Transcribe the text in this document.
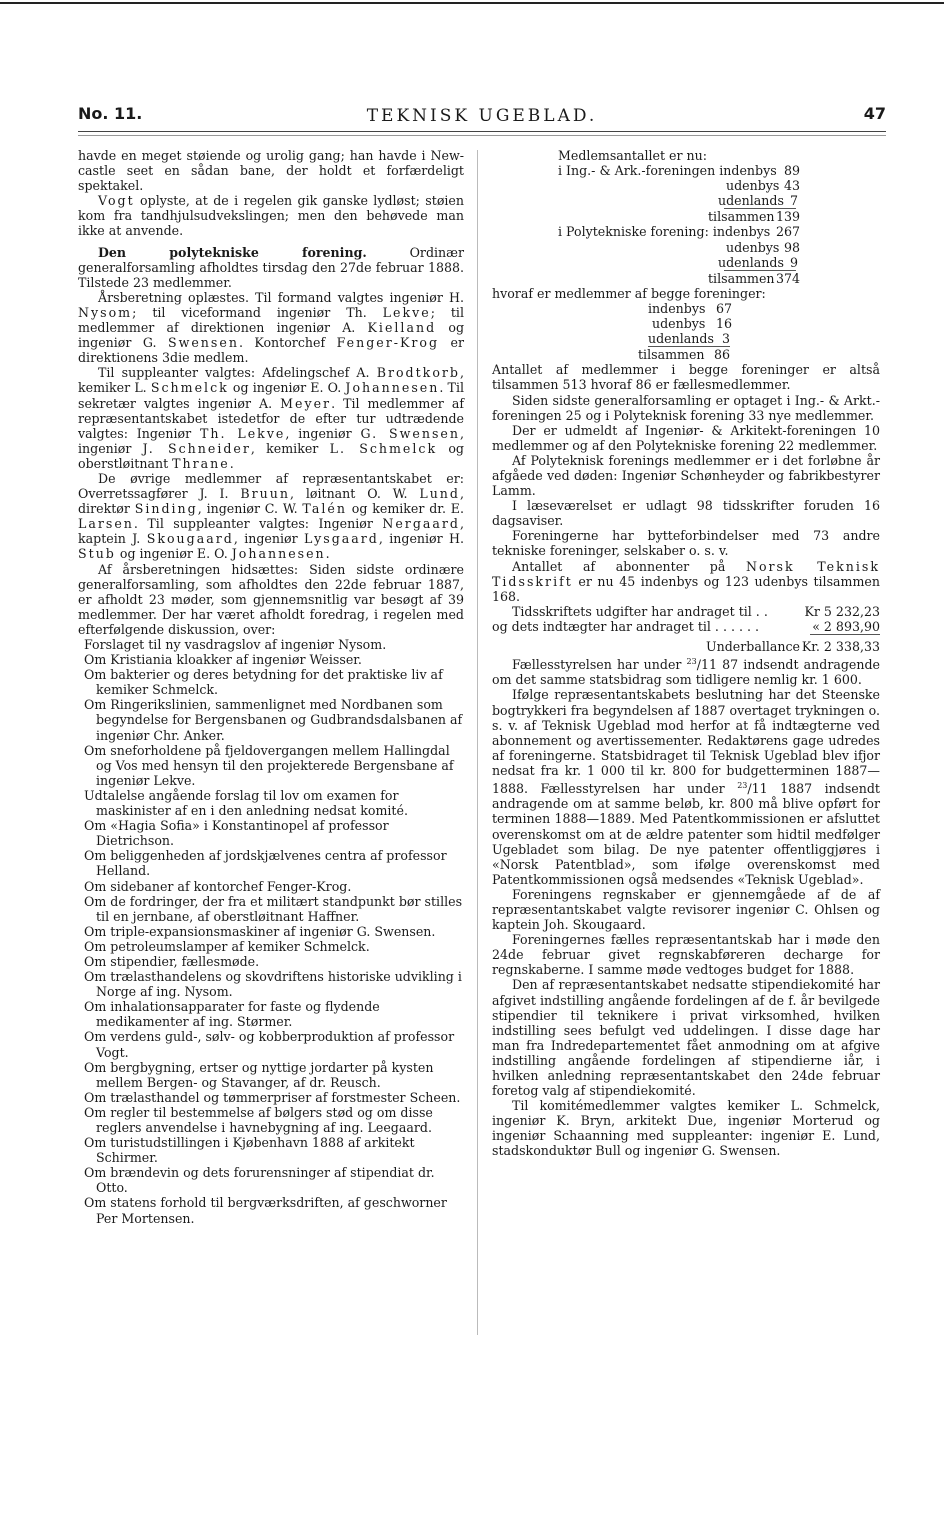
No. 11.	TEKNISK UGEBLAD.	47

havde en meget støiende og urolig gang; han havde i New-castle seet en sådan bane, der holdt et forfærdeligt spektakel.

Vogt oplyste, at de i regelen gik ganske lydløst; støien kom fra tandhjulsudvekslingen; men den behøvede man ikke at anvende.

Den polytekniske forening. Ordinær generalforsamling afholdtes tirsdag den 27de februar 1888. Tilstede 23 medlemmer.

Årsberetning oplæstes. Til formand valgtes ingeniør H. Nysom; til viceformand ingeniør Th. Lekve; til medlemmer af direktionen ingeniør A. Kielland og ingeniør G. Swensen. Kontorchef Fenger-Krog er direktionens 3die medlem.

Til suppleanter valgtes: Afdelingschef A. Brodtkorb, kemiker L. Schmelck og ingeniør E. O. Johannesen. Til sekretær valgtes ingeniør A. Meyer. Til medlemmer af repræsentantskabet istedetfor de efter tur udtrædende valgtes: Ingeniør Th. Lekve, ingeniør G. Swensen, ingeniør J. Schneider, kemiker L. Schmelck og oberstløitnant Thrane.

De øvrige medlemmer af repræsentantskabet er: Overretssagfører J. I. Bruun, løitnant O. W. Lund, direktør Sinding, ingeniør C. W. Talén og kemiker dr. E. Larsen. Til suppleanter valgtes: Ingeniør Nergaard, kaptein J. Skougaard, ingeniør Lysgaard, ingeniør H. Stub og ingeniør E. O. Johannesen.

Af årsberetningen hidsættes: Siden sidste ordinære generalforsamling, som afholdtes den 22de februar 1887, er afholdt 23 møder, som gjennemsnitlig var besøgt af 39 medlemmer. Der har været afholdt foredrag, i regelen med efterfølgende diskussion, over:

Forslaget til ny vasdragslov af ingeniør Nysom.

Om Kristiania kloakker af ingeniør Weisser.

Om bakterier og deres betydning for det praktiske liv af kemiker Schmelck.

Om Ringerikslinien, sammenlignet med Nordbanen som begyndelse for Bergensbanen og Gudbrandsdalsbanen af ingeniør Chr. Anker.

Om sneforholdene på fjeldovergangen mellem Hallingdal og Vos med hensyn til den projekterede Bergensbane af ingeniør Lekve.

Udtalelse angående forslag til lov om examen for maskinister af en i den anledning nedsat komité.

Om «Hagia Sofia» i Konstantinopel af professor Dietrichson.

Om beliggenheden af jordskjælvenes centra af professor Helland.

Om sidebaner af kontorchef Fenger-Krog.

Om de fordringer, der fra et militært standpunkt bør stilles til en jernbane, af oberstløitnant Haffner.

Om triple-expansionsmaskiner af ingeniør G. Swensen.

Om petroleumslamper af kemiker Schmelck.

Om stipendier, fællesmøde.

Om trælasthandelens og skovdriftens historiske udvikling i Norge af ing. Nysom.

Om inhalationsapparater for faste og flydende medikamenter af ing. Størmer.

Om verdens guld-, sølv- og kobberproduktion af professor Vogt.

Om bergbygning, ertser og nyttige jordarter på kysten mellem Bergen- og Stavanger, af dr. Reusch.

Om trælasthandel og tømmerpriser af forstmester Scheen.

Om regler til bestemmelse af bølgers stød og om disse reglers anvendelse i havnebygning af ing. Leegaard.

Om turistudstillingen i Kjøbenhavn 1888 af arkitekt Schirmer.

Om brændevin og dets forurensninger af stipendiat dr. Otto.

Om statens forhold til bergværksdriften, af geschworner Per Mortensen.

Medlemsantallet er nu:
i Ing.- & Ark.-foreningen indenbys 89
udenbys 43
udenlands 7
tilsammen 139
i Polytekniske forening: indenbys 267
udenbys 98
udenlands 9
tilsammen 374
hvoraf er medlemmer af begge foreninger:
indenbys 67
udenbys 16
udenlands 3
tilsammen 86

Antallet af medlemmer i begge foreninger er altså tilsammen 513 hvoraf 86 er fællesmedlemmer.

Siden sidste generalforsamling er optaget i Ing.- & Arkt.-foreningen 25 og i Polyteknisk forening 33 nye medlemmer.

Der er udmeldt af Ingeniør- & Arkitekt-foreningen 10 medlemmer og af den Polytekniske forening 22 medlemmer.

Af Polyteknisk forenings medlemmer er i det forløbne år afgåede ved døden: Ingeniør Schønheyder og fabrikbestyrer Lamm.

I læseværelset er udlagt 98 tidsskrifter foruden 16 dagsaviser.

Foreningerne har bytteforbindelser med 73 andre tekniske foreninger, selskaber o. s. v.

Antallet af abonnenter på Norsk Teknisk Tidsskrift er nu 45 indenbys og 123 udenbys tilsammen 168.

Tidsskriftets udgifter har andraget til . .	Kr 5 232,23
og dets indtægter har andraget til . . . . . .	« 2 893,90
Underballance Kr. 2 338,33

Fællesstyrelsen har under $^{23}$/11 87 indsendt andragende om det samme statsbidrag som tidligere nemlig kr. 1 600.

Ifølge repræsentantskabets beslutning har det Steenske bogtrykkeri fra begyndelsen af 1887 overtaget trykningen o. s. v. af Teknisk Ugeblad mod herfor at få indtægterne ved abonnement og avertissementer. Redaktørens gage udredes af foreningerne. Statsbidraget til Teknisk Ugeblad blev ifjor nedsat fra kr. 1 000 til kr. 800 for budgetterminen 1887—1888. Fællesstyrelsen har under $^{23}$/11 1887 indsendt andragende om at samme beløb, kr. 800 må blive opført for terminen 1888—1889. Med Patentkommissionen er afsluttet overenskomst om at de ældre patenter som hidtil medfølger Ugebladet som bilag. De nye patenter offentliggjøres i «Norsk Patentblad», som ifølge overenskomst med Patentkommissionen også medsendes «Teknisk Ugeblad».

Foreningens regnskaber er gjennemgåede af de af repræsentantskabet valgte revisorer ingeniør C. Ohlsen og kaptein Joh. Skougaard.

Foreningernes fælles repræsentantskab har i møde den 24de februar givet regnskabføreren decharge for regnskaberne. I samme møde vedtoges budget for 1888.

Den af repræsentantskabet nedsatte stipendiekomité har afgivet indstilling angående fordelingen af de f. år bevilgede stipendier til teknikere i privat virksomhed, hvilken indstilling sees befulgt ved uddelingen. I disse dage har man fra Indredepartementet fået anmodning om at afgive indstilling angående fordelingen af stipendierne iår, i hvilken anledning repræsentantskabet den 24de februar foretog valg af stipendiekomité.

Til komitémedlemmer valgtes kemiker L. Schmelck, ingeniør K. Bryn, arkitekt Due, ingeniør Morterud og ingeniør Schaanning med suppleanter: ingeniør E. Lund, stadskonduktør Bull og ingeniør G. Swensen.
